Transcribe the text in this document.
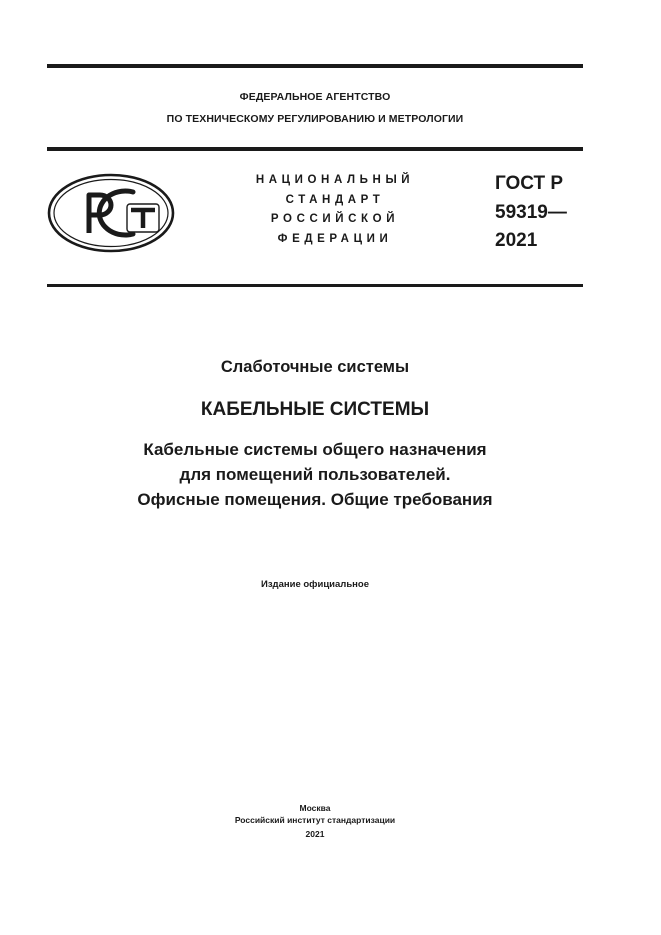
ФЕДЕРАЛЬНОЕ АГЕНТСТВО
ПО ТЕХНИЧЕСКОМУ РЕГУЛИРОВАНИЮ И МЕТРОЛОГИИ
НАЦИОНАЛЬНЫЙ
СТАНДАРТ
РОССИЙСКОЙ
ФЕДЕРАЦИИ
ГОСТ Р
59319—
2021
Слаботочные системы
КАБЕЛЬНЫЕ СИСТЕМЫ
Кабельные системы общего назначения
для помещений пользователей.
Офисные помещения. Общие требования
Издание официальное
Москва
Российский институт стандартизации
2021
